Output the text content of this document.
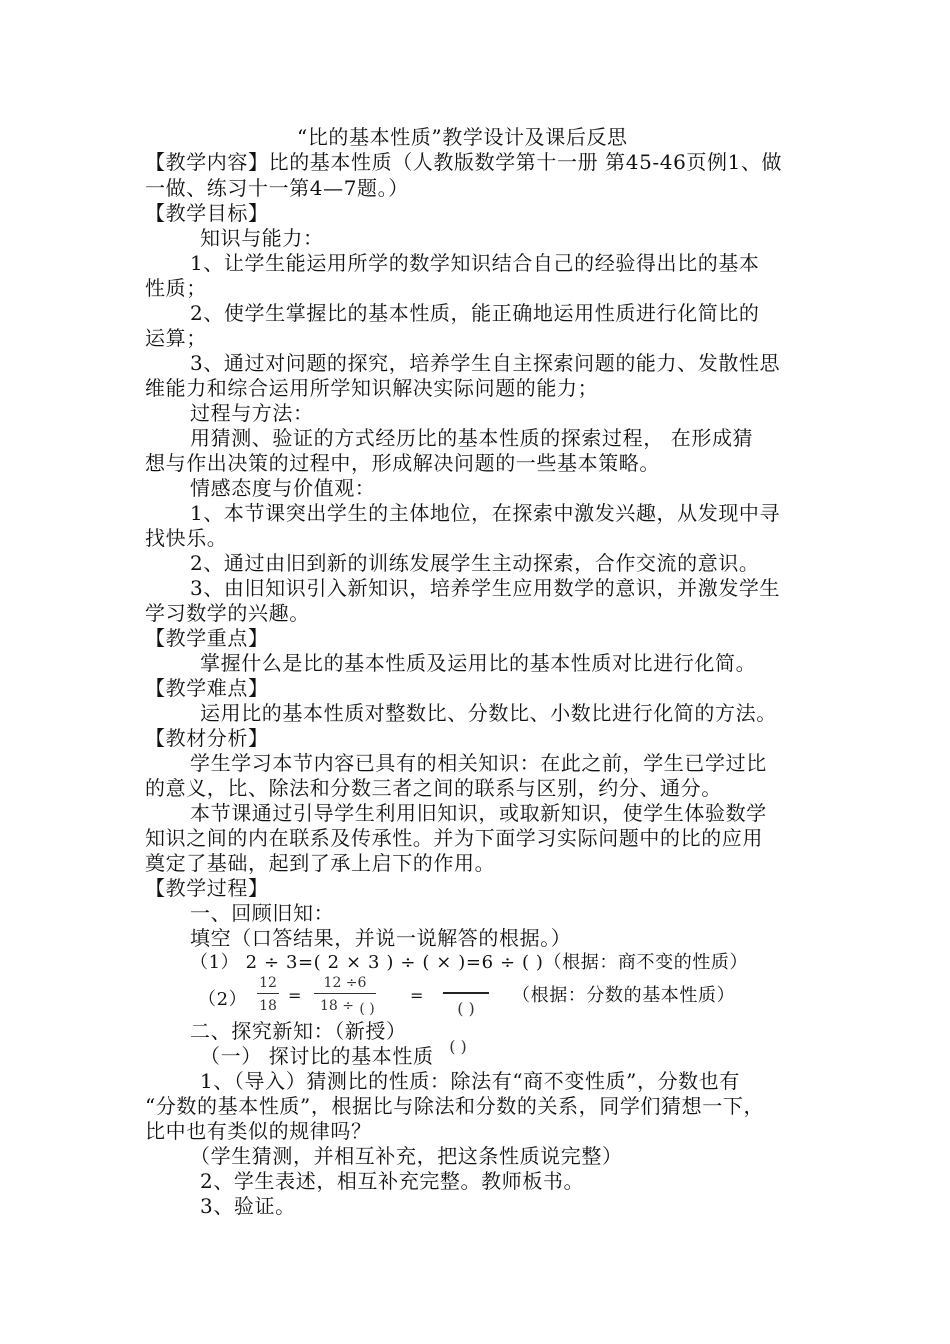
“比的基本性质”教学设计及课后反思
【教学内容】比的基本性质（人教版数学第十一册 第45-46页例1、做
一做、练习十一第4—7题。）
【教学目标】
知识与能力：
1、让学生能运用所学的数学知识结合自己的经验得出比的基本
性质；
2、使学生掌握比的基本性质，能正确地运用性质进行化简比的
运算；
3、通过对问题的探究，培养学生自主探索问题的能力、发散性思
维能力和综合运用所学知识解决实际问题的能力；
过程与方法：
用猜测、验证的方式经历比的基本性质的探索过程， 在形成猜
想与作出决策的过程中，形成解决问题的一些基本策略。
情感态度与价值观：
1、本节课突出学生的主体地位，在探索中激发兴趣，从发现中寻
找快乐。
2、通过由旧到新的训练发展学生主动探索，合作交流的意识。
3、由旧知识引入新知识，培养学生应用数学的意识，并激发学生
学习数学的兴趣。
【教学重点】
掌握什么是比的基本性质及运用比的基本性质对比进行化简。
【教学难点】
运用比的基本性质对整数比、分数比、小数比进行化简的方法。
【教材分析】
学生学习本节内容已具有的相关知识：在此之前，学生已学过比
的意义，比、除法和分数三者之间的联系与区别，约分、通分。
本节课通过引导学生利用旧知识，或取新知识，使学生体验数学
知识之间的内在联系及传承性。并为下面学习实际问题中的比的应用
奠定了基础，起到了承上启下的作用。
【教学过程】
一、回顾旧知：
填空（口答结果，并说一说解答的根据。）
（1） 2 ÷ 3=( 2 × 3 ) ÷ ( × )=6 ÷ ( )（根据：商不变的性质）
（2）
12
18
=
12 ÷6
18 ÷ ( )
=
( )
（根据：分数的基本性质）
二、探究新知：（新授）
（一） 探讨比的基本性质 ( )
1、（导入）猜测比的性质：除法有“商不变性质”，分数也有
“分数的基本性质”，根据比与除法和分数的关系，同学们猜想一下，
比中也有类似的规律吗？
（学生猜测，并相互补充，把这条性质说完整）
2、学生表述，相互补充完整。教师板书。
3、验证。
